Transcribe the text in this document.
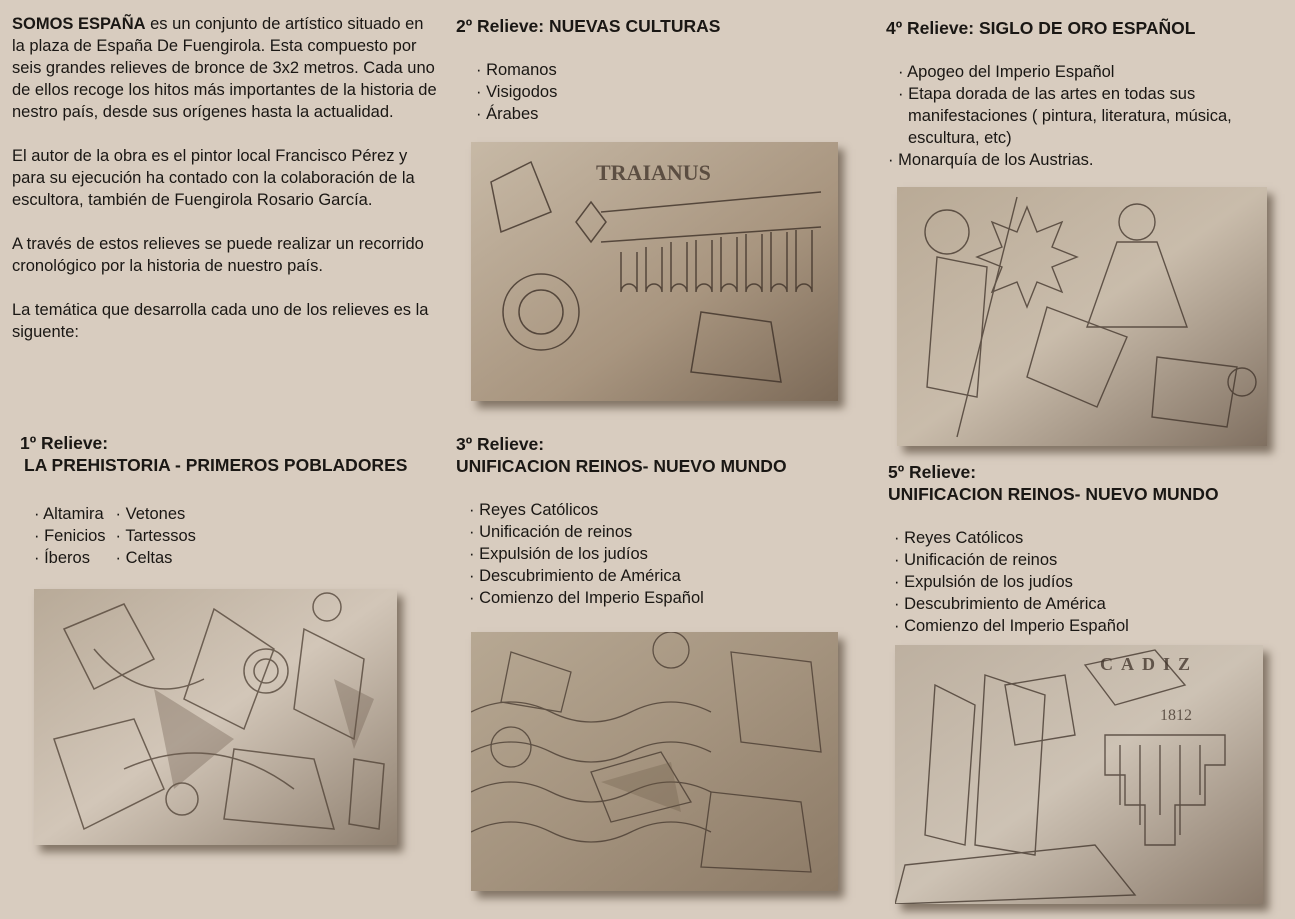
SOMOS ESPAÑA es un conjunto de artístico situado en la plaza de España De Fuengirola. Esta compuesto por seis grandes relieves de bronce de 3x2 metros. Cada uno de ellos recoge los hitos más importantes de la historia de nestro país, desde sus orígenes hasta la actualidad.

El autor de la obra es el pintor local Francisco Pérez y para su ejecución ha contado con la colaboración de la escultora, también de Fuengirola Rosario García.

A través de estos relieves se puede realizar un recorrido cronológico por la historia de nuestro país.

La temática que desarrolla cada uno de los relieves es la siguente:

1º Relieve:
LA PREHISTORIA - PRIMEROS POBLADORES
· Altamira
· Fenicios
· Íberos
· Vetones
· Tartessos
· Celtas
2º Relieve: NUEVAS CULTURAS
· Romanos
· Visigodos
· Árabes
TRAIANUS
3º Relieve:
UNIFICACION REINOS- NUEVO MUNDO
· Reyes Católicos
· Unificación de reinos
· Expulsión de los judíos
· Descubrimiento de América
· Comienzo del Imperio Español
4º Relieve: SIGLO DE ORO ESPAÑOL
· Apogeo del Imperio Español
· Etapa dorada de las artes en todas sus manifestaciones ( pintura, literatura, música, escultura, etc)
· Monarquía de los Austrias.
5º Relieve:
UNIFICACION REINOS- NUEVO MUNDO
· Reyes Católicos
· Unificación de reinos
· Expulsión de los judíos
· Descubrimiento de América
· Comienzo del Imperio Español
CADIZ
1812
